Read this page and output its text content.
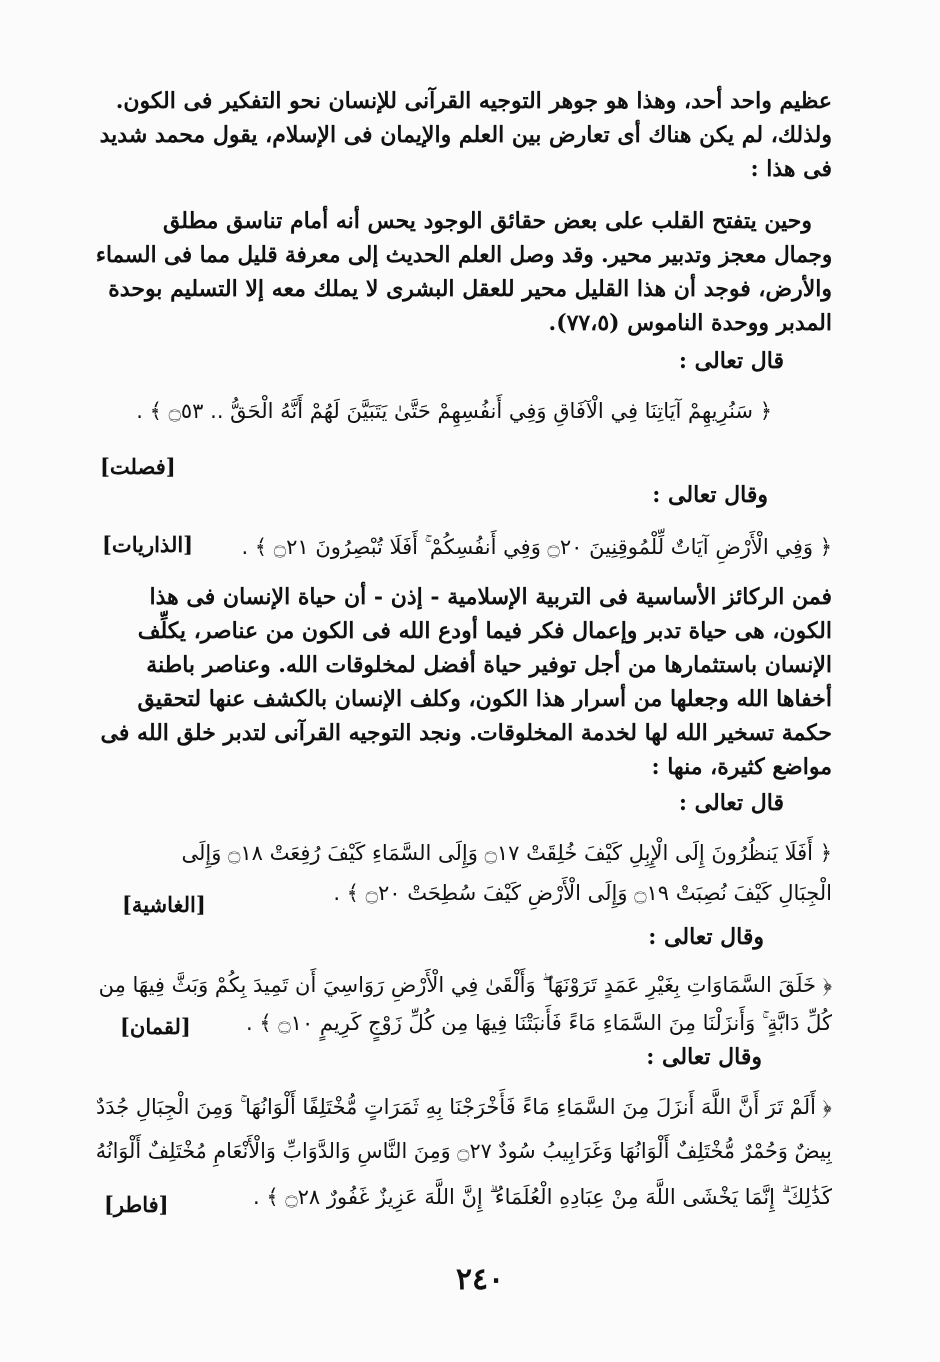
عظيم واحد أحد، وهذا هو جوهر التوجيه القرآنى للإنسان نحو التفكير فى الكون.
ولذلك، لم يكن هناك أى تعارض بين العلم والإيمان فى الإسلام، يقول محمد شديد
فى هذا :
وحين يتفتح القلب على بعض حقائق الوجود يحس أنه أمام تناسق مطلق
وجمال معجز وتدبير محير. وقد وصل العلم الحديث إلى معرفة قليل مما فى السماء
والأرض، فوجد أن هذا القليل محير للعقل البشرى لا يملك معه إلا التسليم بوحدة
المدبر ووحدة الناموس (٧٧،٥).
قال تعالى :
﴿ سَنُرِيهِمْ آيَاتِنَا فِي الْآفَاقِ وَفِي أَنفُسِهِمْ حَتَّىٰ يَتَبَيَّنَ لَهُمْ أَنَّهُ الْحَقُّ .. ۝٥٣ ﴾ .
[فصلت]
وقال تعالى :
﴿ وَفِي الْأَرْضِ آيَاتٌ لِّلْمُوقِنِينَ ۝٢٠ وَفِي أَنفُسِكُمْ ۚ أَفَلَا تُبْصِرُونَ ۝٢١ ﴾ .
[الذاريات]
فمن الركائز الأساسية فى التربية الإسلامية - إذن - أن حياة الإنسان فى هذا
الكون، هى حياة تدبر وإعمال فكر فيما أودع الله فى الكون من عناصر، يكلِّف
الإنسان باستثمارها من أجل توفير حياة أفضل لمخلوقات الله. وعناصر باطنة
أخفاها الله وجعلها من أسرار هذا الكون، وكلف الإنسان بالكشف عنها لتحقيق
حكمة تسخير الله لها لخدمة المخلوقات. ونجد التوجيه القرآنى لتدبر خلق الله فى
مواضع كثيرة، منها :
قال تعالى :
﴿ أَفَلَا يَنظُرُونَ إِلَى الْإِبِلِ كَيْفَ خُلِقَتْ ۝١٧ وَإِلَى السَّمَاءِ كَيْفَ رُفِعَتْ ۝١٨ وَإِلَى
الْجِبَالِ كَيْفَ نُصِبَتْ ۝١٩ وَإِلَى الْأَرْضِ كَيْفَ سُطِحَتْ ۝٢٠ ﴾ .
[الغاشية]
وقال تعالى :
﴿ خَلَقَ السَّمَاوَاتِ بِغَيْرِ عَمَدٍ تَرَوْنَهَا ۖ وَأَلْقَىٰ فِي الْأَرْضِ رَوَاسِيَ أَن تَمِيدَ بِكُمْ وَبَثَّ فِيهَا مِن
كُلِّ دَابَّةٍ ۚ وَأَنزَلْنَا مِنَ السَّمَاءِ مَاءً فَأَنبَتْنَا فِيهَا مِن كُلِّ زَوْجٍ كَرِيمٍ ۝١٠ ﴾ .
[لقمان]
وقال تعالى :
﴿ أَلَمْ تَرَ أَنَّ اللَّهَ أَنزَلَ مِنَ السَّمَاءِ مَاءً فَأَخْرَجْنَا بِهِ ثَمَرَاتٍ مُّخْتَلِفًا أَلْوَانُهَا ۚ وَمِنَ الْجِبَالِ جُدَدٌ
بِيضٌ وَحُمْرٌ مُّخْتَلِفٌ أَلْوَانُهَا وَغَرَابِيبُ سُودٌ ۝٢٧ وَمِنَ النَّاسِ وَالدَّوَابِّ وَالْأَنْعَامِ مُخْتَلِفٌ أَلْوَانُهُ
كَذَٰلِكَ ۗ إِنَّمَا يَخْشَى اللَّهَ مِنْ عِبَادِهِ الْعُلَمَاءُ ۗ إِنَّ اللَّهَ عَزِيزٌ غَفُورٌ ۝٢٨ ﴾ .
[فاطر]
٢٤٠
